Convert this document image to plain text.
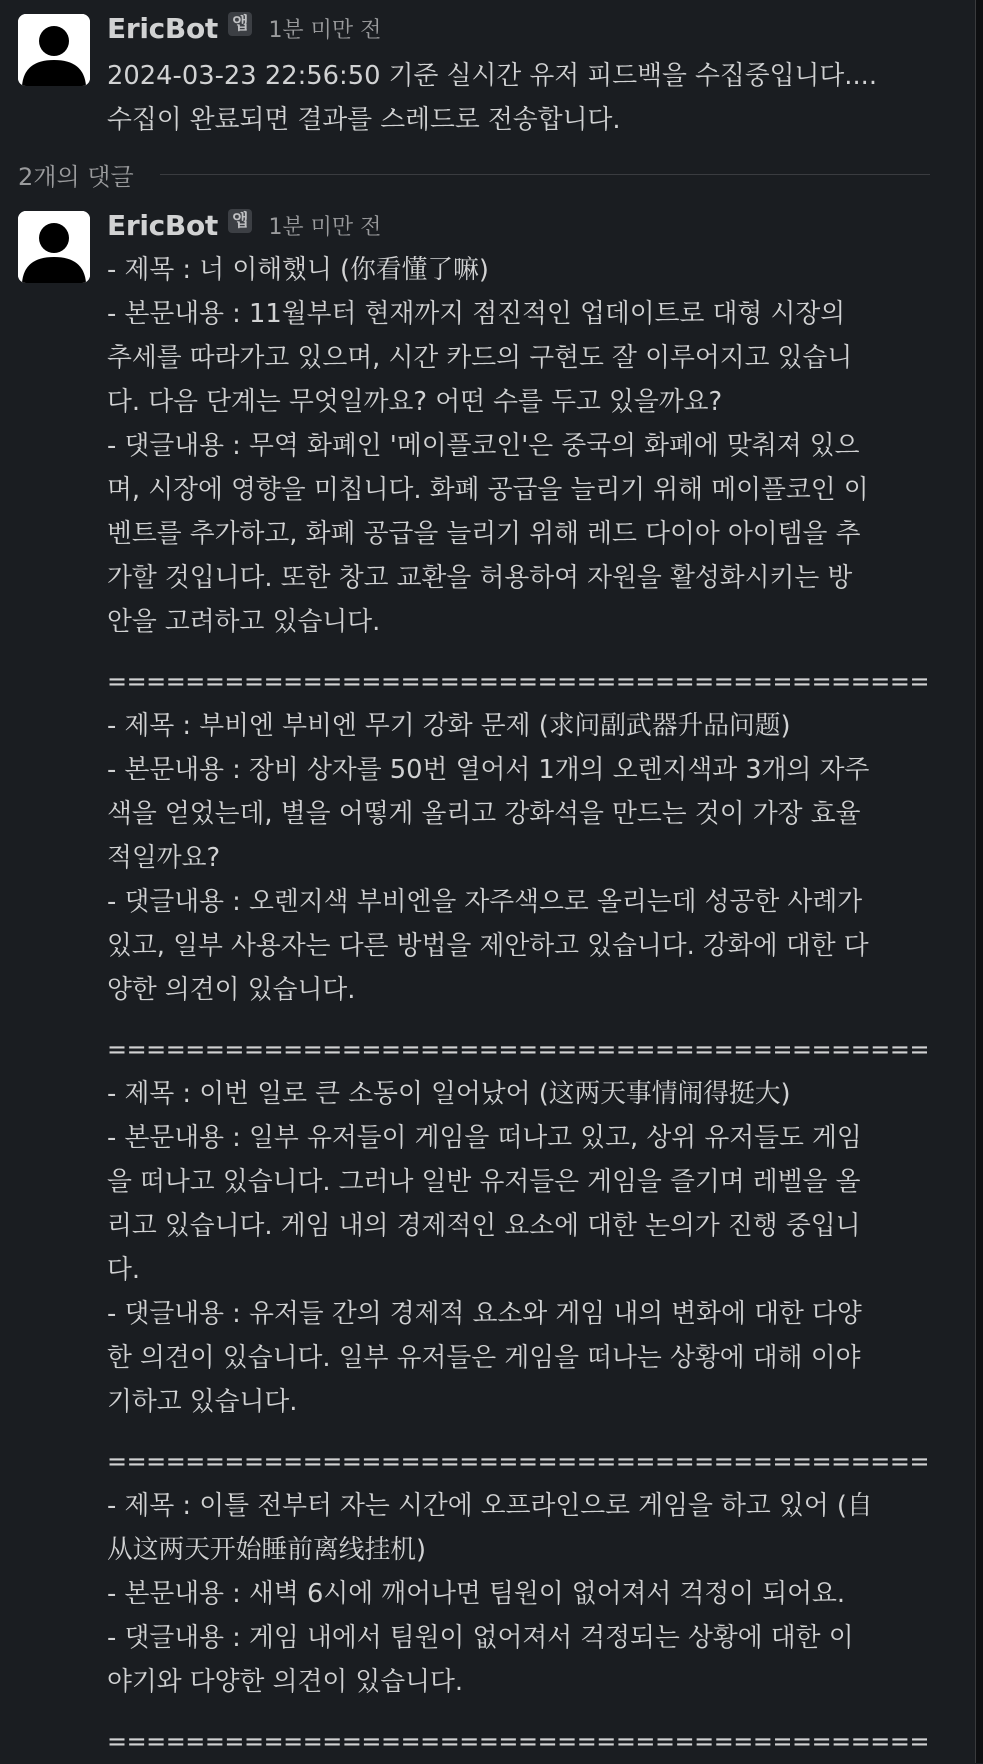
EricBot 앱 1분 미만 전
2024-03-23 22:56:50 기준 실시간 유저 피드백을 수집중입니다....
수집이 완료되면 결과를 스레드로 전송합니다.
2개의 댓글
EricBot 앱 1분 미만 전
- 제목 : 너 이해했니 (你看懂了嘛)
- 본문내용 : 11월부터 현재까지 점진적인 업데이트로 대형 시장의
추세를 따라가고 있으며, 시간 카드의 구현도 잘 이루어지고 있습니
다. 다음 단계는 무엇일까요? 어떤 수를 두고 있을까요?
- 댓글내용 : 무역 화폐인 '메이플코인'은 중국의 화폐에 맞춰져 있으
며, 시장에 영향을 미칩니다. 화폐 공급을 늘리기 위해 메이플코인 이
벤트를 추가하고, 화폐 공급을 늘리기 위해 레드 다이아 아이템을 추
가할 것입니다. 또한 창고 교환을 허용하여 자원을 활성화시키는 방
안을 고려하고 있습니다.
==========================================
- 제목 : 부비엔 부비엔 무기 강화 문제 (求问副武器升品问题)
- 본문내용 : 장비 상자를 50번 열어서 1개의 오렌지색과 3개의 자주
색을 얻었는데, 별을 어떻게 올리고 강화석을 만드는 것이 가장 효율
적일까요?
- 댓글내용 : 오렌지색 부비엔을 자주색으로 올리는데 성공한 사례가
있고, 일부 사용자는 다른 방법을 제안하고 있습니다. 강화에 대한 다
양한 의견이 있습니다.
==========================================
- 제목 : 이번 일로 큰 소동이 일어났어 (这两天事情闹得挺大)
- 본문내용 : 일부 유저들이 게임을 떠나고 있고, 상위 유저들도 게임
을 떠나고 있습니다. 그러나 일반 유저들은 게임을 즐기며 레벨을 올
리고 있습니다. 게임 내의 경제적인 요소에 대한 논의가 진행 중입니
다.
- 댓글내용 : 유저들 간의 경제적 요소와 게임 내의 변화에 대한 다양
한 의견이 있습니다. 일부 유저들은 게임을 떠나는 상황에 대해 이야
기하고 있습니다.
==========================================
- 제목 : 이틀 전부터 자는 시간에 오프라인으로 게임을 하고 있어 (自
从这两天开始睡前离线挂机)
- 본문내용 : 새벽 6시에 깨어나면 팀원이 없어져서 걱정이 되어요.
- 댓글내용 : 게임 내에서 팀원이 없어져서 걱정되는 상황에 대한 이
야기와 다양한 의견이 있습니다.
==========================================
